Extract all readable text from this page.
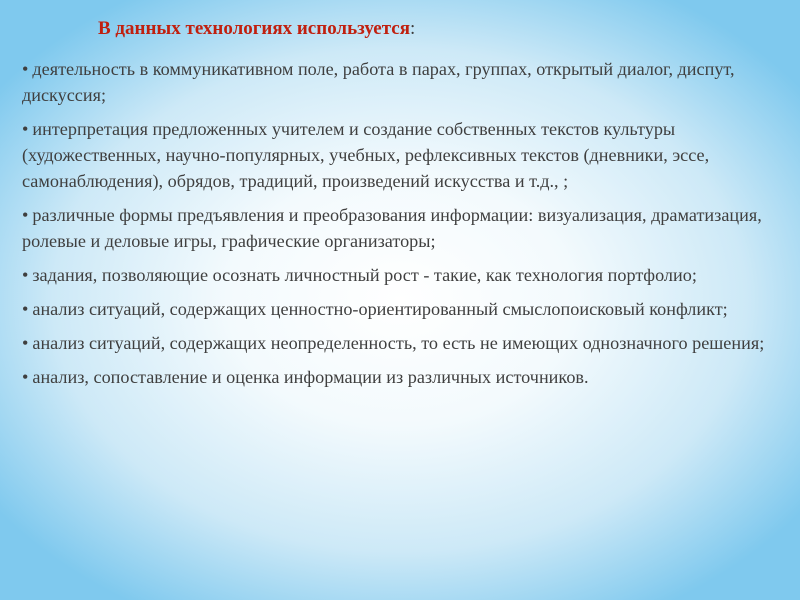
В данных технологиях используется:

• деятельность в коммуникативном поле, работа в парах, группах, открытый диалог, диспут, дискуссия;

• интерпретация предложенных учителем и создание собственных текстов культуры (художественных, научно-популярных, учебных, рефлексивных текстов (дневники, эссе, самонаблюдения), обрядов, традиций, произведений искусства и т.д., ;

• различные формы предъявления и преобразования информации: визуализация, драматизация, ролевые и деловые игры, графические организаторы;

• задания, позволяющие осознать личностный рост - такие, как технология портфолио;

• анализ ситуаций, содержащих ценностно-ориентированный смыслопоисковый конфликт;

• анализ ситуаций, содержащих неопределенность, то есть не имеющих однозначного решения;

• анализ, сопоставление и оценка информации из различных источников.
